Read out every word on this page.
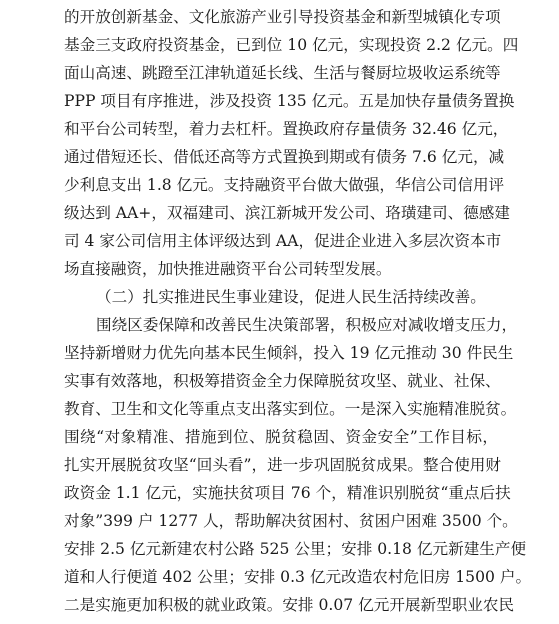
的开放创新基金、文化旅游产业引导投资基金和新型城镇化专项
基金三支政府投资基金，已到位 10 亿元，实现投资 2.2 亿元。四
面山高速、跳蹬至江津轨道延长线、生活与餐厨垃圾收运系统等
PPP 项目有序推进，涉及投资 135 亿元。五是加快存量债务置换
和平台公司转型，着力去杠杆。置换政府存量债务 32.46 亿元，
通过借短还长、借低还高等方式置换到期或有债务 7.6 亿元，减
少利息支出 1.8 亿元。支持融资平台做大做强，华信公司信用评
级达到 AA+，双福建司、滨江新城开发公司、珞璜建司、德感建
司 4 家公司信用主体评级达到 AA，促进企业进入多层次资本市
场直接融资，加快推进融资平台公司转型发展。
（二）扎实推进民生事业建设，促进人民生活持续改善。
围绕区委保障和改善民生决策部署，积极应对减收增支压力，
坚持新增财力优先向基本民生倾斜，投入 19 亿元推动 30 件民生
实事有效落地，积极筹措资金全力保障脱贫攻坚、就业、社保、
教育、卫生和文化等重点支出落实到位。一是深入实施精准脱贫。
围绕“对象精准、措施到位、脱贫稳固、资金安全”工作目标，
扎实开展脱贫攻坚“回头看”，进一步巩固脱贫成果。整合使用财
政资金 1.1 亿元，实施扶贫项目 76 个，精准识别脱贫“重点后扶
对象”399 户 1277 人，帮助解决贫困村、贫困户困难 3500 个。
安排 2.5 亿元新建农村公路 525 公里；安排 0.18 亿元新建生产便
道和人行便道 402 公里；安排 0.3 亿元改造农村危旧房 1500 户。
二是实施更加积极的就业政策。安排 0.07 亿元开展新型职业农民
